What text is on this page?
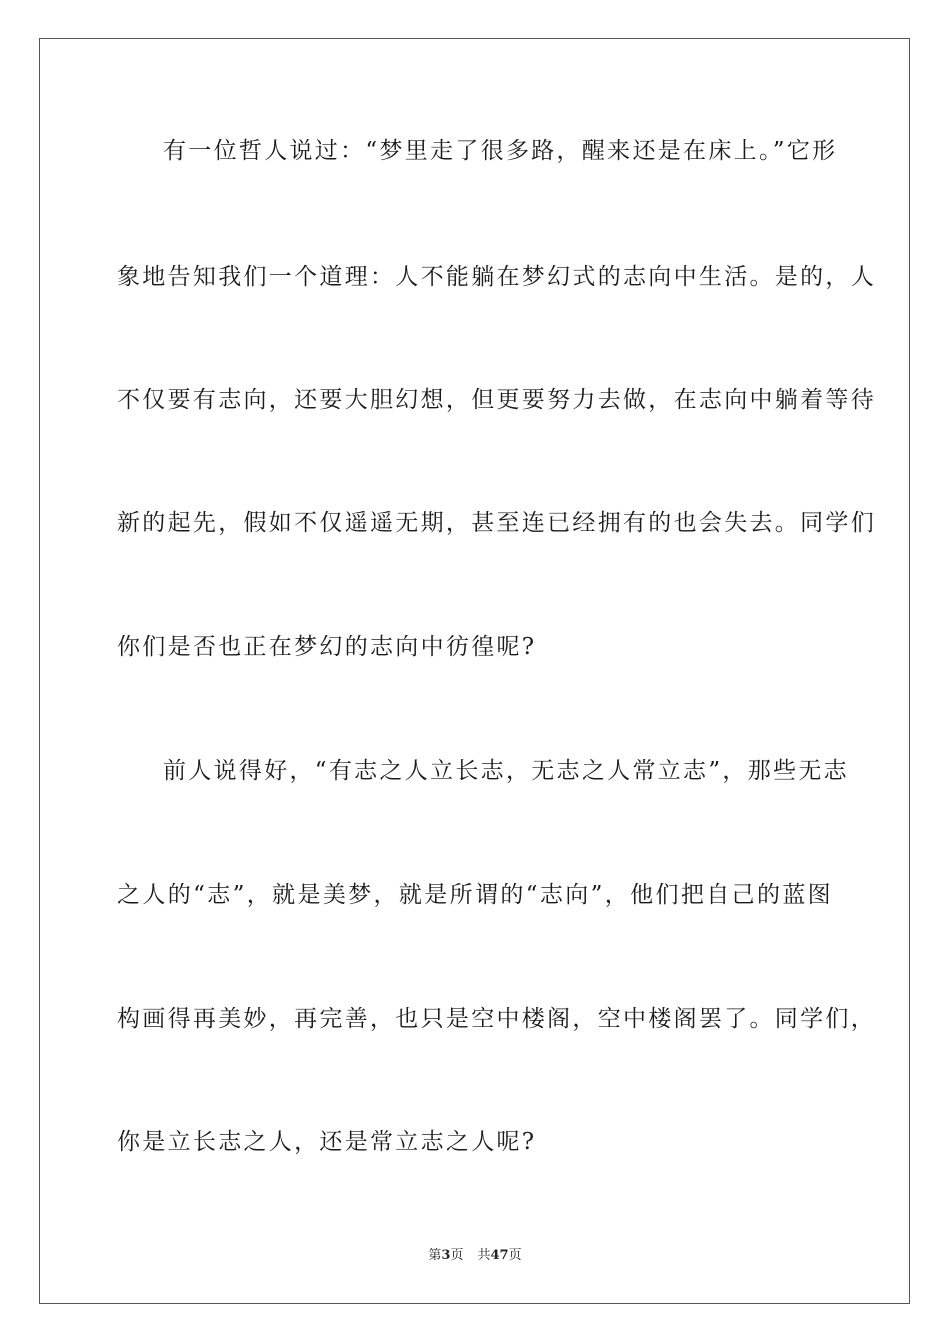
有一位哲人说过：“梦里走了很多路，醒来还是在床上。”它形
象地告知我们一个道理：人不能躺在梦幻式的志向中生活。是的，人
不仅要有志向，还要大胆幻想，但更要努力去做，在志向中躺着等待
新的起先，假如不仅遥遥无期，甚至连已经拥有的也会失去。同学们
你们是否也正在梦幻的志向中彷徨呢?
前人说得好，“有志之人立长志，无志之人常立志”，那些无志
之人的“志”，就是美梦，就是所谓的“志向”，他们把自己的蓝图
构画得再美妙，再完善，也只是空中楼阁，空中楼阁罢了。同学们，
你是立长志之人，还是常立志之人呢?
第3页 共47页
